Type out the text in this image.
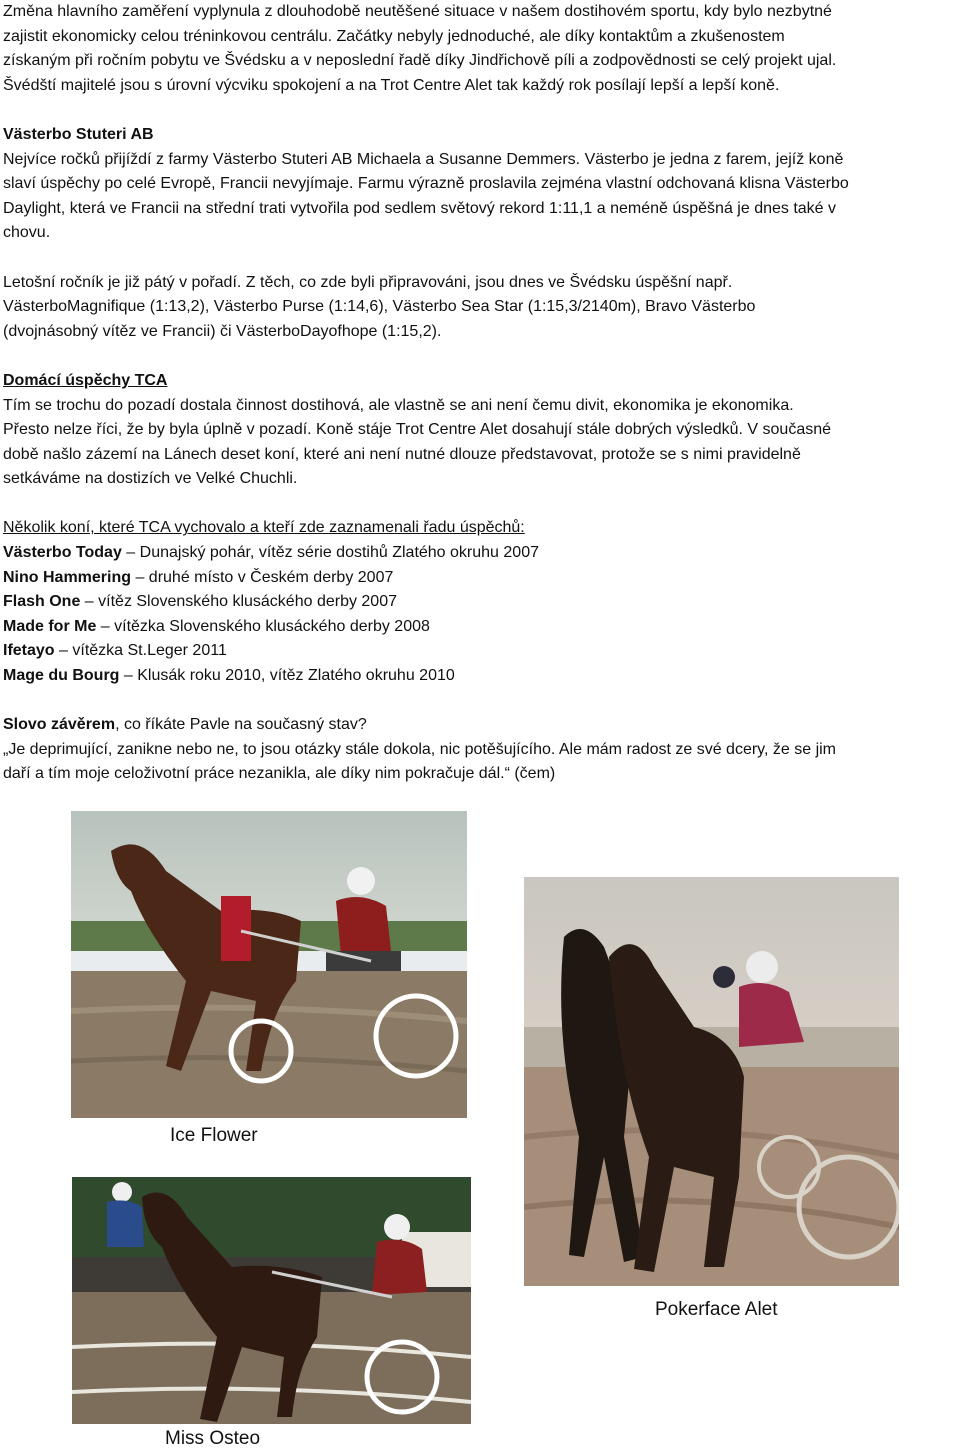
Změna hlavního zaměření vyplynula z dlouhodobě neutěšené situace v našem dostihovém sportu, kdy bylo nezbytné

zajistit ekonomicky celou tréninkovou centrálu. Začátky nebyly jednoduché, ale díky kontaktům a zkušenostem

získaným při ročním pobytu ve Švédsku a v neposlední řadě díky Jindřichově píli a zodpovědnosti se celý projekt ujal.

Švédští majitelé jsou s úrovní výcviku spokojení a na Trot Centre Alet tak každý rok posílají lepší a lepší koně.

Västerbo Stuteri AB

Nejvíce ročků přijíždí z farmy Västerbo Stuteri AB Michaela a Susanne Demmers. Västerbo je jedna z farem, jejíž koně

slaví úspěchy po celé Evropě, Francii nevyjímaje. Farmu výrazně proslavila zejména vlastní odchovaná klisna Västerbo

Daylight, která ve Francii na střední trati vytvořila pod sedlem světový rekord 1:11,1 a neméně úspěšná je dnes také v

chovu.

Letošní ročník je již pátý v pořadí. Z těch, co zde byli připravováni, jsou dnes ve Švédsku úspěšní např.

VästerboMagnifique (1:13,2), Västerbo Purse (1:14,6), Västerbo Sea Star (1:15,3/2140m), Bravo Västerbo

(dvojnásobný vítěz ve Francii) či VästerboDayofhope (1:15,2).

Domácí úspěchy TCA

Tím se trochu do pozadí dostala činnost dostihová, ale vlastně se ani není čemu divit, ekonomika je ekonomika.

Přesto nelze říci, že by byla úplně v pozadí. Koně stáje Trot Centre Alet dosahují stále dobrých výsledků. V současné

době našlo zázemí na Lánech deset koní, které ani není nutné dlouze představovat, protože se s nimi pravidelně

setkáváme na dostizích ve Velké Chuchli.

Několik koní, které TCA vychovalo a kteří zde zaznamenali řadu úspěchů:

Västerbo Today – Dunajský pohár, vítěz série dostihů Zlatého okruhu 2007

Nino Hammering – druhé místo v Českém derby 2007

Flash One – vítěz Slovenského klusáckého derby 2007

Made for Me – vítězka Slovenského klusáckého derby 2008

Ifetayo – vítězka St.Leger 2011

Mage du Bourg – Klusák roku 2010, vítěz Zlatého okruhu 2010

Slovo závěrem, co říkáte Pavle na současný stav?

„Je deprimující, zanikne nebo ne, to jsou otázky stále dokola, nic potěšujícího. Ale mám radost ze své dcery, že se jim

daří a tím moje celoživotní práce nezanikla, ale díky nim pokračuje dál.“ (čem)

Ice Flower
Pokerface Alet
Miss Osteo
